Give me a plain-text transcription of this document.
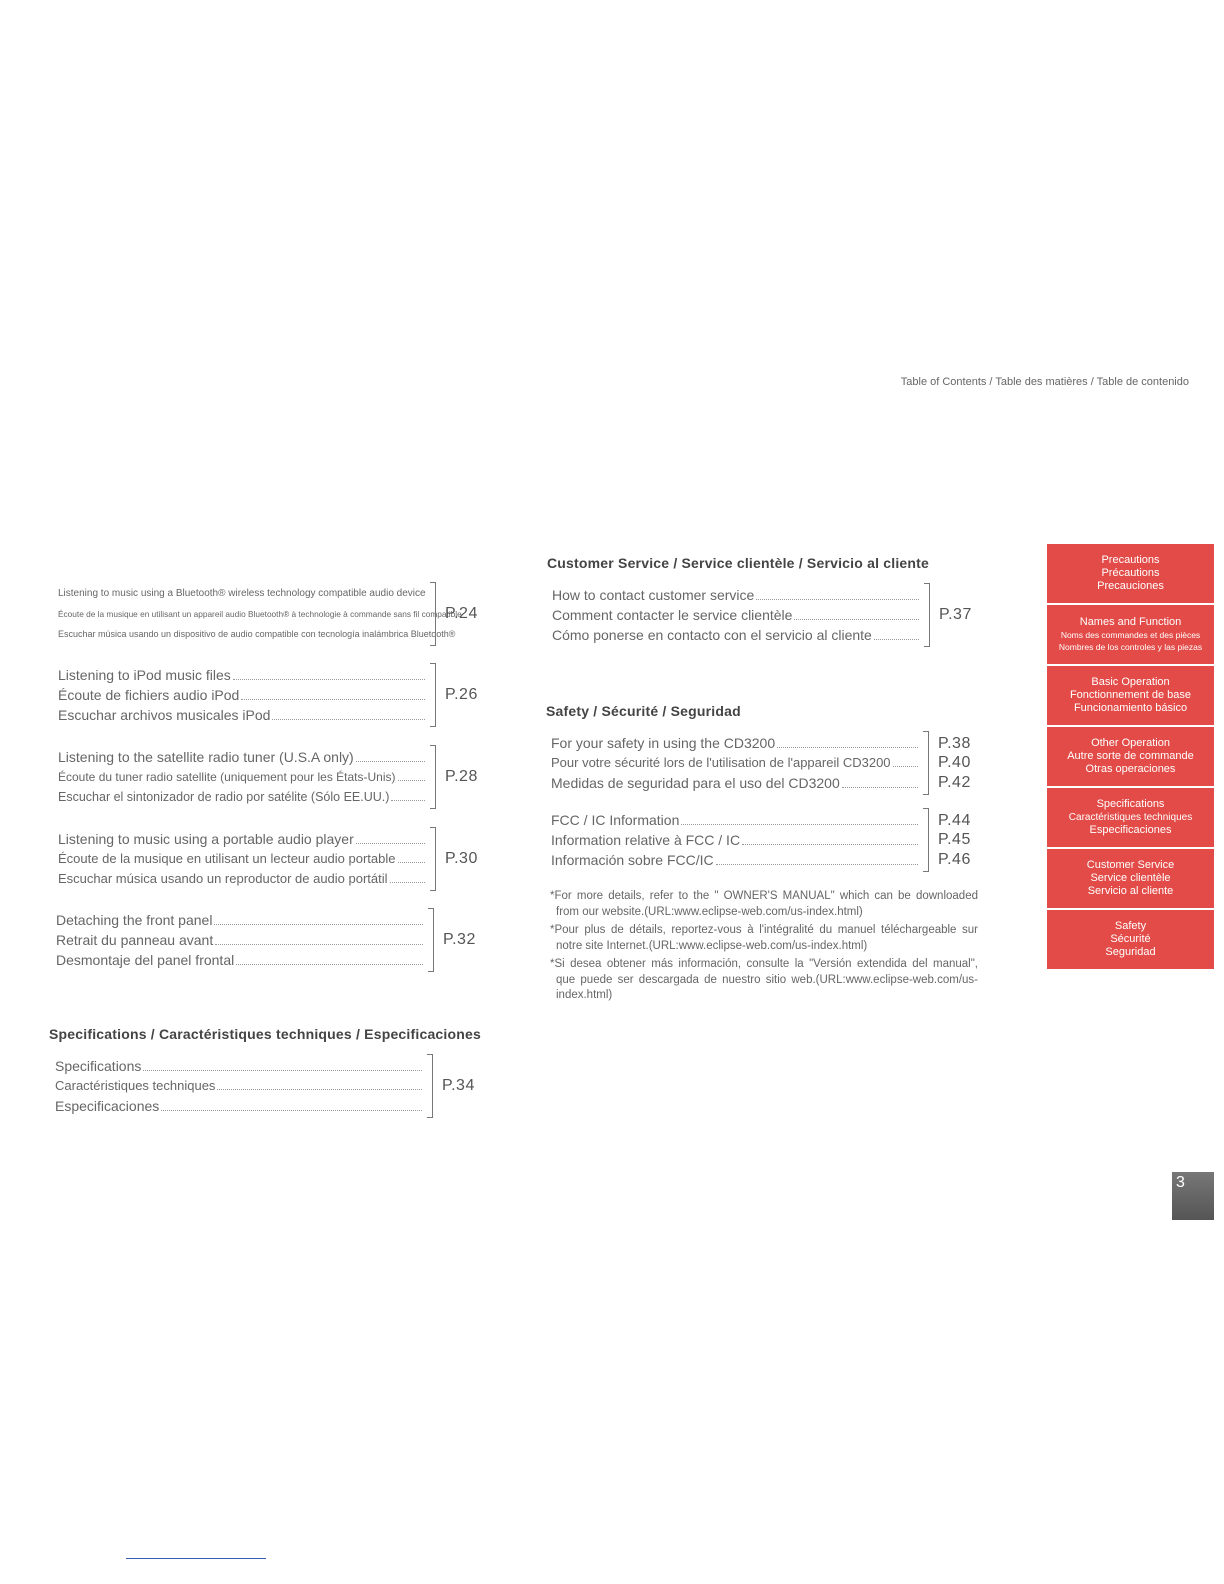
Table of Contents / Table des matières / Table de contenido
Listening to music using a Bluetooth® wireless technology compatible audio device
Écoute de la musique en utilisant un appareil audio Bluetooth® à technologie à commande sans fil compatible
Escuchar música usando un dispositivo de audio compatible con tecnología inalámbrica Bluetooth®
P.24
Listening to iPod music files
Écoute de fichiers audio iPod
Escuchar archivos musicales iPod
P.26
Listening to the satellite radio tuner (U.S.A only)
Écoute du tuner radio satellite (uniquement pour les États-Unis)
Escuchar el sintonizador de radio por satélite (Sólo EE.UU.)
P.28
Listening to music using a portable audio player
Écoute de la musique en utilisant un lecteur audio portable
Escuchar música usando un reproductor de audio portátil
P.30
Detaching the front panel
Retrait du panneau avant
Desmontaje del panel frontal
P.32
Specifications / Caractéristiques techniques / Especificaciones
Specifications
Caractéristiques techniques
Especificaciones
P.34
Customer Service / Service clientèle / Servicio al cliente
How to contact customer service
Comment contacter le service clientèle
Cómo ponerse en contacto con el servicio al cliente
P.37
Safety / Sécurité / Seguridad
For your safety in using the CD3200
Pour votre sécurité lors de l'utilisation de l'appareil CD3200
Medidas de seguridad para el uso del CD3200
P.38
P.40
P.42
FCC / IC Information
Information relative à FCC / IC
Información sobre FCC/IC
P.44
P.45
P.46

*For more details, refer to the " OWNER'S MANUAL" which can be downloaded from our website.(URL:www.eclipse-web.com/us-index.html)

*Pour plus de détails, reportez-vous à l'intégralité du manuel téléchargeable sur notre site Internet.(URL:www.eclipse-web.com/us-index.html)

*Si desea obtener más información, consulte la "Versión extendida del manual", que puede ser descargada de nuestro sitio web.(URL:www.eclipse-web.com/us-index.html)

Precautions
Précautions
Precauciones
Names and Function
Noms des commandes et des pièces
Nombres de los controles y las piezas
Basic Operation
Fonctionnement de base
Funcionamiento básico
Other Operation
Autre sorte de commande
Otras operaciones
Specifications
Caractéristiques techniques
Especificaciones
Customer Service
Service clientèle
Servicio al cliente
Safety
Sécurité
Seguridad
3
